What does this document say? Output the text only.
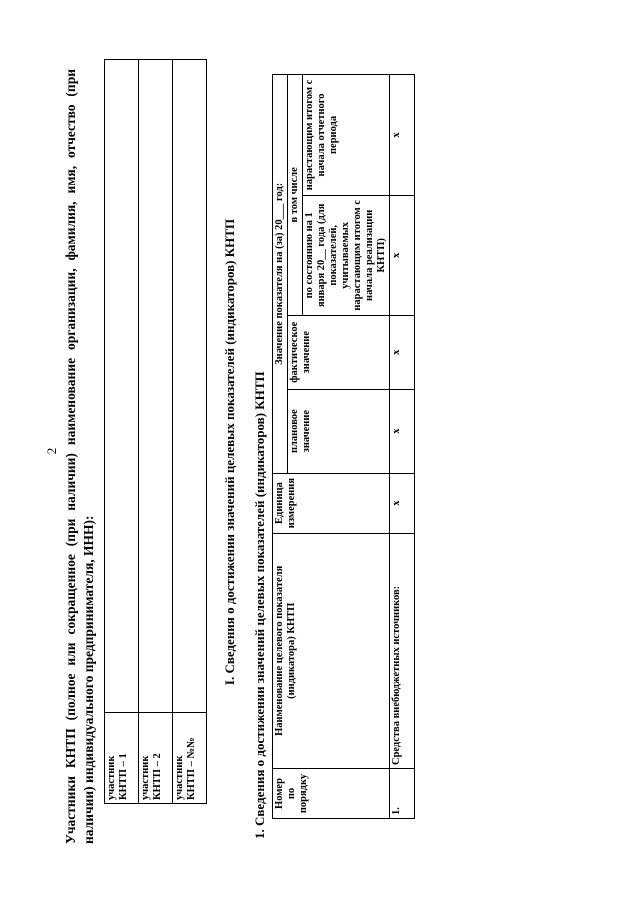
2 Участники КНТП (полное или сокращенное (при наличии) наименование организации, фамилия, имя, отчество (при наличии) индивидуального предпринимателя, ИНН): участник КНТП – 1	

участник КНТП – 2	

участник КНТП – №№	

I. Сведения о достижении значений целевых показателей (индикаторов) КНТП 1. Сведения о достижении значений целевых показателей (индикаторов) КНТП Номер по порядку	Наименование целевого показателя (индикатора) КНТП	Единица измерения	Значение показателя на (за) 20___ год:			
			плановое значение	фактическое значение	в том числе	
					по состоянию на 1 января 20__ года (для показателей, учитываемых нарастающим итогом с начала реализации КНТП)	нарастающим итогом с начала отчетного периода
1.	Средства внебюджетных источников:	х	х	х	х	х
